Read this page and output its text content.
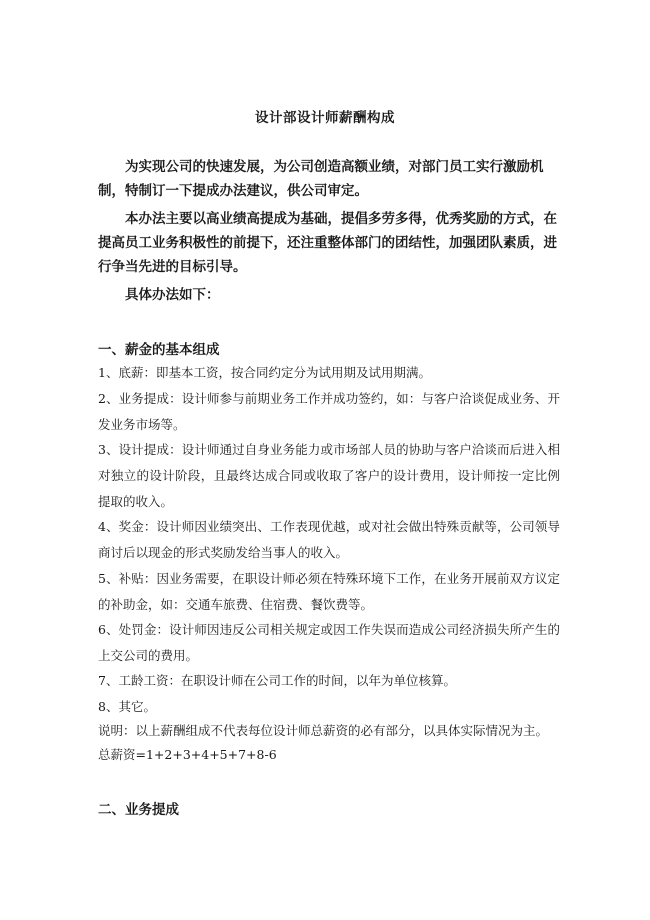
设计部设计师薪酬构成

为实现公司的快速发展，为公司创造高额业绩，对部门员工实行激励机制，特制订一下提成办法建议，供公司审定。

本办法主要以高业绩高提成为基础，提倡多劳多得，优秀奖励的方式，在提高员工业务积极性的前提下，还注重整体部门的团结性，加强团队素质，进行争当先进的目标引导。

具体办法如下：

一、薪金的基本组成

1、底薪：即基本工资，按合同约定分为试用期及试用期满。

2、业务提成：设计师参与前期业务工作并成功签约，如：与客户洽谈促成业务、开发业务市场等。

3、设计提成：设计师通过自身业务能力或市场部人员的协助与客户洽谈而后进入相对独立的设计阶段，且最终达成合同或收取了客户的设计费用，设计师按一定比例提取的收入。

4、奖金：设计师因业绩突出、工作表现优越，或对社会做出特殊贡献等，公司领导商讨后以现金的形式奖励发给当事人的收入。

5、补贴：因业务需要，在职设计师必须在特殊环境下工作，在业务开展前双方议定的补助金，如：交通车旅费、住宿费、餐饮费等。

6、处罚金：设计师因违反公司相关规定或因工作失误而造成公司经济损失所产生的上交公司的费用。

7、工龄工资：在职设计师在公司工作的时间，以年为单位核算。

8、其它。

说明：以上薪酬组成不代表每位设计师总薪资的必有部分，以具体实际情况为主。

总薪资=1+2+3+4+5+7+8-6

二、业务提成
